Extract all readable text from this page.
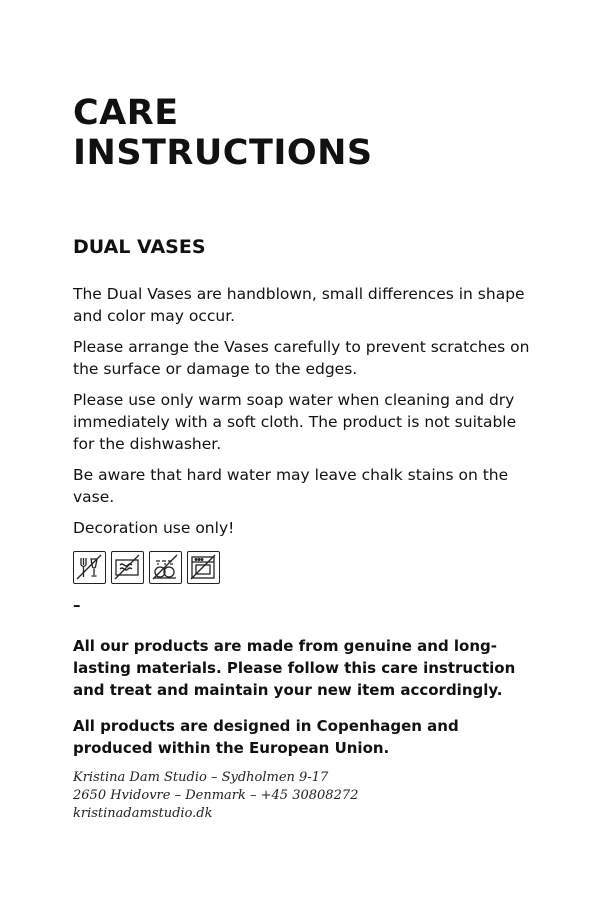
CARE
INSTRUCTIONS
DUAL VASES

The Dual Vases are handblown, small differences in shape and color may occur.

Please arrange the Vases carefully to prevent scratches on the surface or damage to the edges.

Please use only warm soap water when cleaning and dry immediately with a soft cloth. The product is not suitable for the dishwasher.

Be aware that hard water may leave chalk stains on the vase.

Decoration use only!

–

All our products are made from genuine and long-lasting materials. Please follow this care instruction and treat and maintain your new item accordingly.

All products are designed in Copenhagen and produced within the European Union.

Kristina Dam Studio – Sydholmen 9-17
2650 Hvidovre – Denmark – +45 30808272
kristinadamstudio.dk
